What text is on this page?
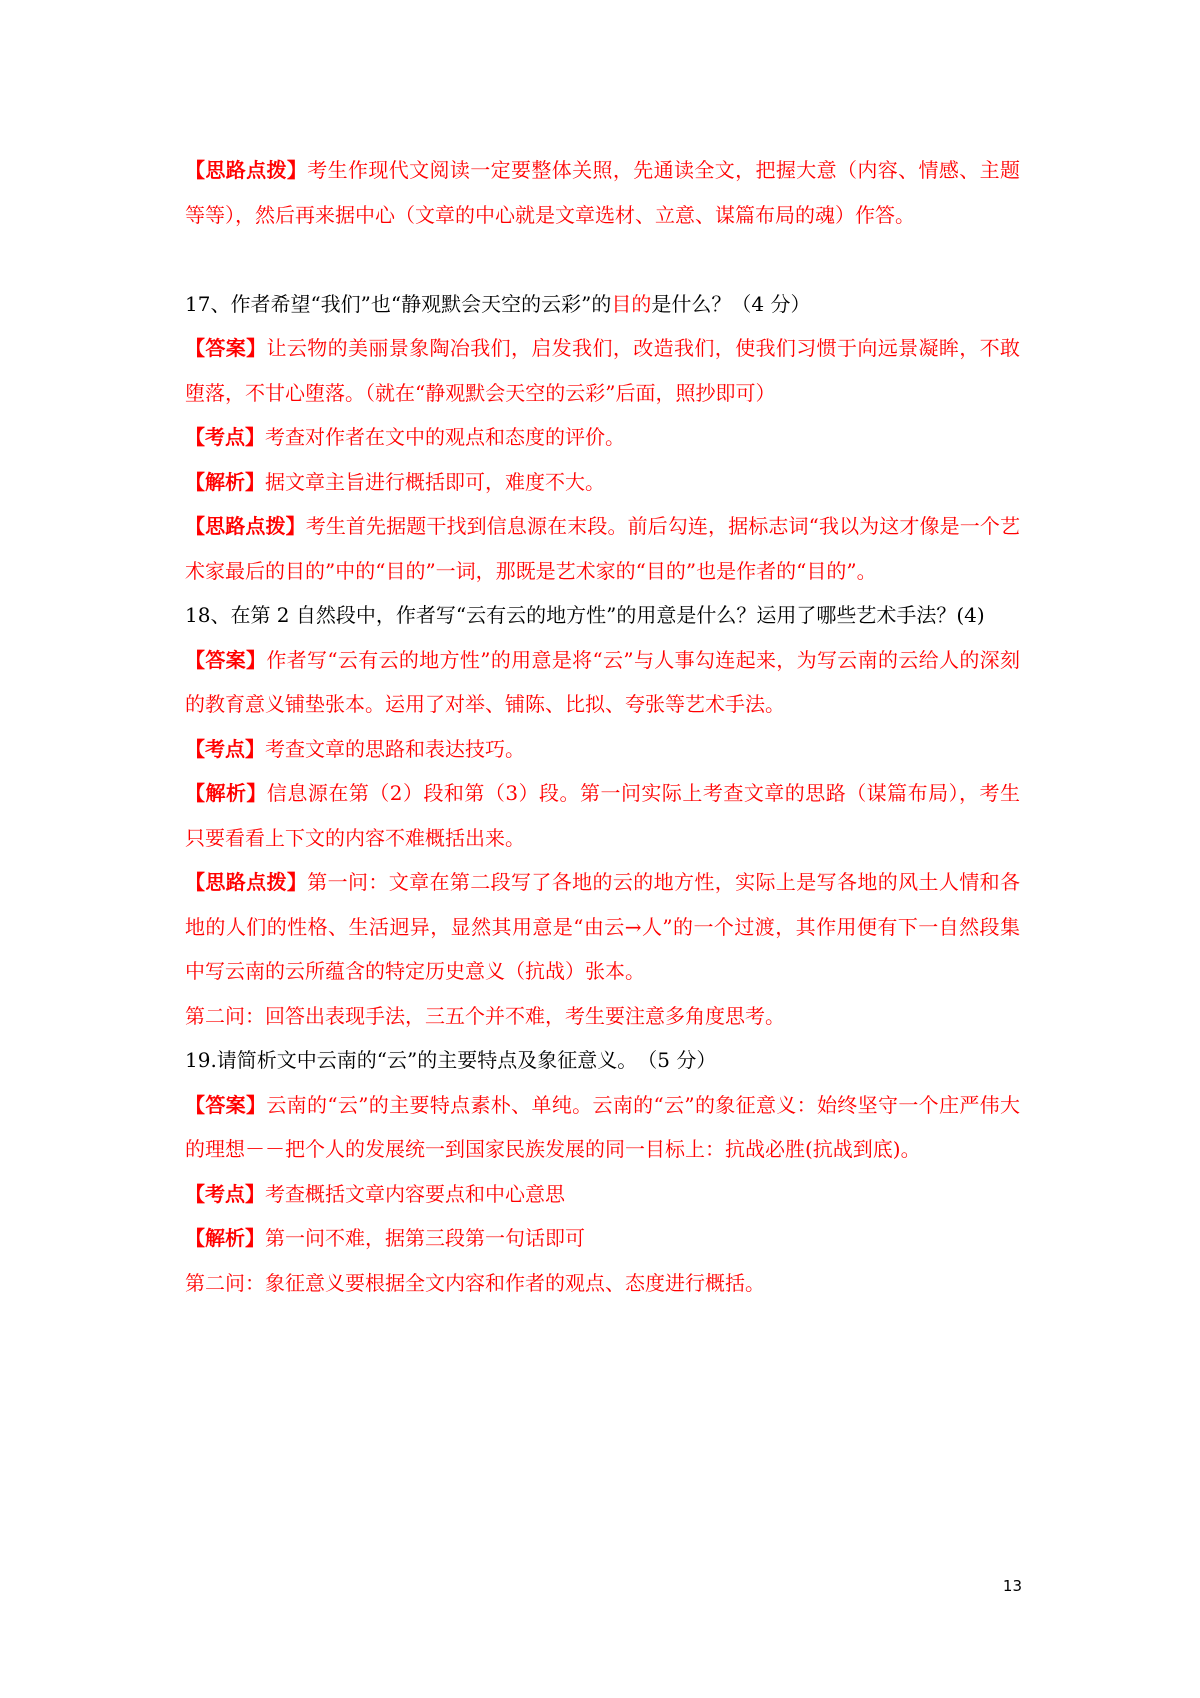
【思路点拨】考生作现代文阅读一定要整体关照，先通读全文，把握大意（内容、情感、主题等等），然后再来据中心（文章的中心就是文章选材、立意、谋篇布局的魂）作答。

17、作者希望“我们”也“静观默会天空的云彩”的目的是什么？（4 分）

【答案】让云物的美丽景象陶冶我们，启发我们，改造我们，使我们习惯于向远景凝眸，不敢堕落，不甘心堕落。（就在“静观默会天空的云彩”后面，照抄即可）

【考点】考查对作者在文中的观点和态度的评价。

【解析】据文章主旨进行概括即可，难度不大。

【思路点拨】考生首先据题干找到信息源在末段。前后勾连，据标志词“我以为这才像是一个艺术家最后的目的”中的“目的”一词，那既是艺术家的“目的”也是作者的“目的”。

18、在第 2 自然段中，作者写“云有云的地方性”的用意是什么？运用了哪些艺术手法？(4)

【答案】作者写“云有云的地方性”的用意是将“云”与人事勾连起来，为写云南的云给人的深刻的教育意义铺垫张本。运用了对举、铺陈、比拟、夸张等艺术手法。

【考点】考查文章的思路和表达技巧。

【解析】信息源在第（2）段和第（3）段。第一问实际上考查文章的思路（谋篇布局），考生只要看看上下文的内容不难概括出来。

【思路点拨】第一问：文章在第二段写了各地的云的地方性，实际上是写各地的风土人情和各地的人们的性格、生活迥异，显然其用意是“由云→人”的一个过渡，其作用便有下一自然段集中写云南的云所蕴含的特定历史意义（抗战）张本。

第二问：回答出表现手法，三五个并不难，考生要注意多角度思考。

19.请简析文中云南的“云”的主要特点及象征意义。　（5 分）

【答案】云南的“云”的主要特点素朴、单纯。云南的“云”的象征意义：始终坚守一个庄严伟大的理想－－把个人的发展统一到国家民族发展的同一目标上：抗战必胜(抗战到底)。

【考点】考查概括文章内容要点和中心意思

【解析】第一问不难，据第三段第一句话即可

第二问：象征意义要根据全文内容和作者的观点、态度进行概括。

13
